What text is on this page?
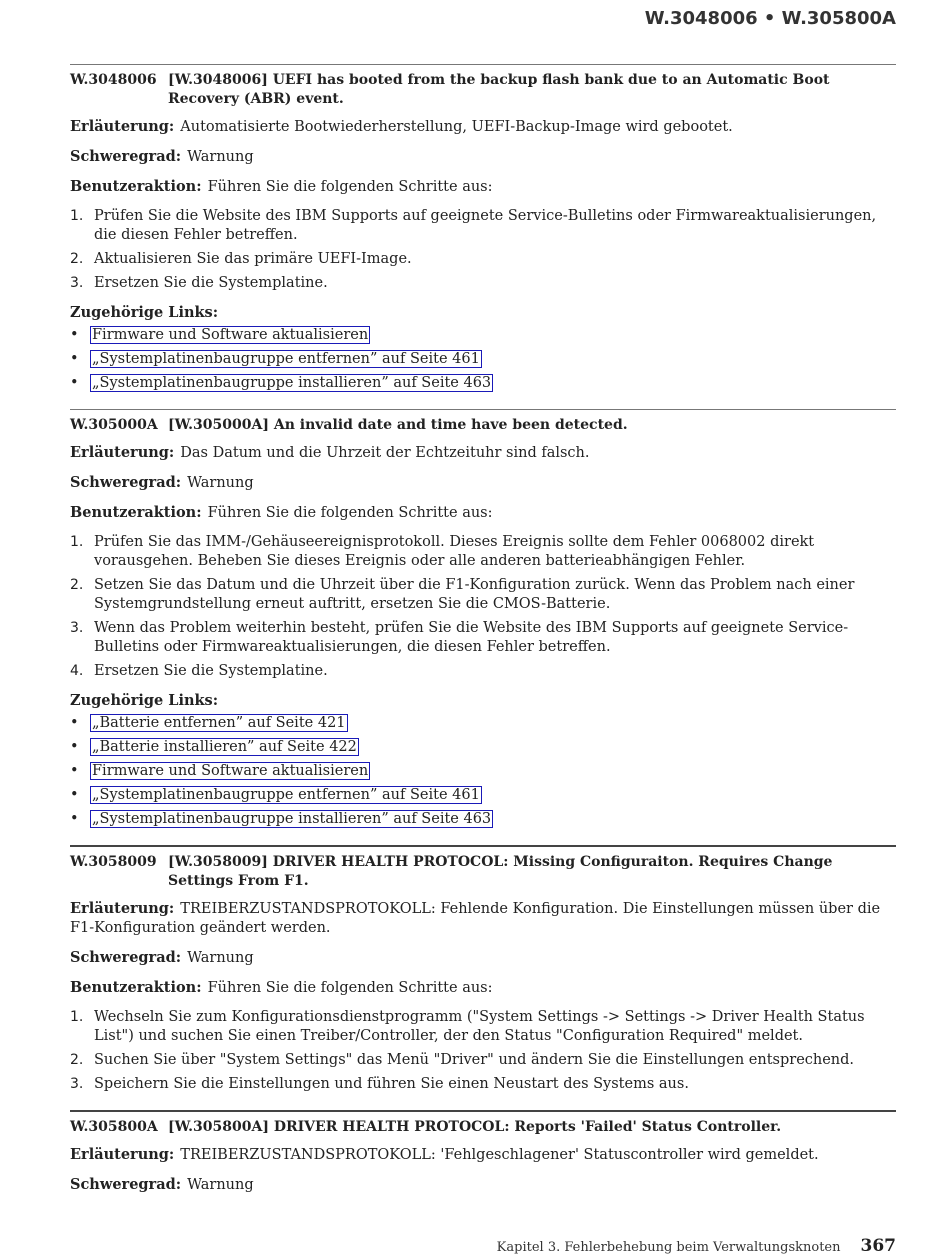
W.3048006 • W.305800A
W.3048006 [W.3048006] UEFI has booted from the backup flash bank due to an Automatic Boot Recovery (ABR) event.

Erläuterung: Automatisierte Bootwiederherstellung, UEFI-Backup-Image wird gebootet.

Schweregrad: Warnung

Benutzeraktion: Führen Sie die folgenden Schritte aus:

1. Prüfen Sie die Website des IBM Supports auf geeignete Service-Bulletins oder Firmwareaktualisierungen, die diesen Fehler betreffen.
2. Aktualisieren Sie das primäre UEFI-Image.
3. Ersetzen Sie die Systemplatine.

Zugehörige Links:

• Firmware und Software aktualisieren
• „Systemplatinenbaugruppe entfernen” auf Seite 461
• „Systemplatinenbaugruppe installieren” auf Seite 463
W.305000A [W.305000A] An invalid date and time have been detected.

Erläuterung: Das Datum und die Uhrzeit der Echtzeituhr sind falsch.

Schweregrad: Warnung

Benutzeraktion: Führen Sie die folgenden Schritte aus:

1. Prüfen Sie das IMM-/Gehäuseereignisprotokoll. Dieses Ereignis sollte dem Fehler 0068002 direkt vorausgehen. Beheben Sie dieses Ereignis oder alle anderen batterieabhängigen Fehler.
2. Setzen Sie das Datum und die Uhrzeit über die F1-Konfiguration zurück. Wenn das Problem nach einer Systemgrundstellung erneut auftritt, ersetzen Sie die CMOS-Batterie.
3. Wenn das Problem weiterhin besteht, prüfen Sie die Website des IBM Supports auf geeignete Service-Bulletins oder Firmwareaktualisierungen, die diesen Fehler betreffen.
4. Ersetzen Sie die Systemplatine.

Zugehörige Links:

• „Batterie entfernen” auf Seite 421
• „Batterie installieren” auf Seite 422
• Firmware und Software aktualisieren
• „Systemplatinenbaugruppe entfernen” auf Seite 461
• „Systemplatinenbaugruppe installieren” auf Seite 463
W.3058009 [W.3058009] DRIVER HEALTH PROTOCOL: Missing Configuraiton. Requires Change Settings From F1.

Erläuterung: TREIBERZUSTANDSPROTOKOLL: Fehlende Konfiguration. Die Einstellungen müssen über die F1-Konfiguration geändert werden.

Schweregrad: Warnung

Benutzeraktion: Führen Sie die folgenden Schritte aus:

1. Wechseln Sie zum Konfigurationsdienstprogramm ("System Settings -> Settings -> Driver Health Status List") und suchen Sie einen Treiber/Controller, der den Status "Configuration Required" meldet.
2. Suchen Sie über "System Settings" das Menü "Driver" und ändern Sie die Einstellungen entsprechend.
3. Speichern Sie die Einstellungen und führen Sie einen Neustart des Systems aus.
W.305800A [W.305800A] DRIVER HEALTH PROTOCOL: Reports 'Failed' Status Controller.

Erläuterung: TREIBERZUSTANDSPROTOKOLL: 'Fehlgeschlagener' Statuscontroller wird gemeldet.

Schweregrad: Warnung

Kapitel 3. Fehlerbehebung beim Verwaltungsknoten 367
